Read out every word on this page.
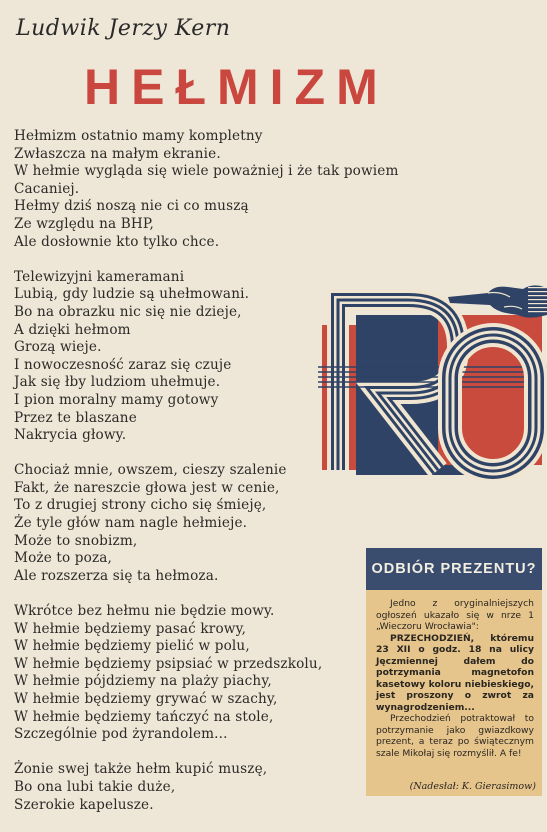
Ludwik Jerzy Kern
HEŁMIZM
Hełmizm ostatnio mamy kompletny
Zwłaszcza na małym ekranie.
W hełmie wygląda się wiele poważniej i że tak powiem
Cacaniej.
Hełmy dziś noszą nie ci co muszą
Ze względu na BHP,
Ale dosłownie kto tylko chce.
Telewizyjni kameramani
Lubią, gdy ludzie są uhełmowani.
Bo na obrazku nic się nie dzieje,
A dzięki hełmom
Grozą wieje.
I nowoczesność zaraz się czuje
Jak się łby ludziom uhełmuje.
I pion moralny mamy gotowy
Przez te blaszane
Nakrycia głowy.
Chociaż mnie, owszem, cieszy szalenie
Fakt, że nareszcie głowa jest w cenie,
To z drugiej strony cicho się śmieję,
Że tyle głów nam nagle hełmieje.
Może to snobizm,
Może to poza,
Ale rozszerza się ta hełmoza.
Wkrótce bez hełmu nie będzie mowy.
W hełmie będziemy pasać krowy,
W hełmie będziemy pielić w polu,
W hełmie będziemy psipsiać w przedszkolu,
W hełmie pójdziemy na plaży piachy,
W hełmie będziemy grywać w szachy,
W hełmie będziemy tańczyć na stole,
Szczególnie pod żyrandolem...
Żonie swej także hełm kupić muszę,
Bo ona lubi takie duże,
Szerokie kapelusze.
ODBIÓR PREZENTU?

Jedno z oryginalniejszych ogłoszeń ukazało się w nrze 1 „Wieczoru Wrocławia":

PRZECHODZIEŃ, któremu 23 XII o godz. 18 na ulicy Jęczmiennej dałem do potrzymania magnetofon kasetowy koloru niebieskiego, jest proszony o zwrot za wynagrodzeniem...

Przechodzień potraktował to potrzymanie jako gwiazdkowy prezent, a teraz po świątecznym szale Mikołaj się rozmyślił. A fe!

(Nadesłał: K. Gierasimow)
